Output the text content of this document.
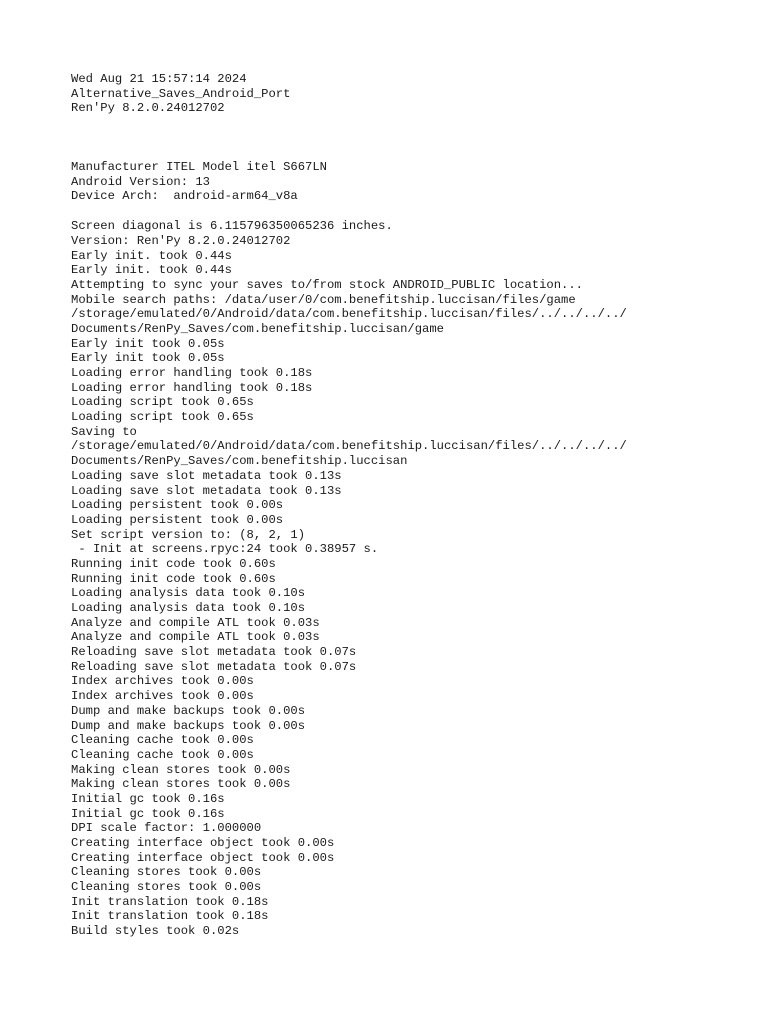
Wed Aug 21 15:57:14 2024
Alternative_Saves_Android_Port
Ren'Py 8.2.0.24012702
Manufacturer ITEL Model itel S667LN
Android Version: 13
Device Arch:  android-arm64_v8a
Screen diagonal is 6.115796350065236 inches.
Version: Ren'Py 8.2.0.24012702
Early init. took 0.44s
Early init. took 0.44s
Attempting to sync your saves to/from stock ANDROID_PUBLIC location...
Mobile search paths: /data/user/0/com.benefitship.luccisan/files/game
/storage/emulated/0/Android/data/com.benefitship.luccisan/files/../../../../
Documents/RenPy_Saves/com.benefitship.luccisan/game
Early init took 0.05s
Early init took 0.05s
Loading error handling took 0.18s
Loading error handling took 0.18s
Loading script took 0.65s
Loading script took 0.65s
Saving to
/storage/emulated/0/Android/data/com.benefitship.luccisan/files/../../../../
Documents/RenPy_Saves/com.benefitship.luccisan
Loading save slot metadata took 0.13s
Loading save slot metadata took 0.13s
Loading persistent took 0.00s
Loading persistent took 0.00s
Set script version to: (8, 2, 1)
- Init at screens.rpyc:24 took 0.38957 s.
Running init code took 0.60s
Running init code took 0.60s
Loading analysis data took 0.10s
Loading analysis data took 0.10s
Analyze and compile ATL took 0.03s
Analyze and compile ATL took 0.03s
Reloading save slot metadata took 0.07s
Reloading save slot metadata took 0.07s
Index archives took 0.00s
Index archives took 0.00s
Dump and make backups took 0.00s
Dump and make backups took 0.00s
Cleaning cache took 0.00s
Cleaning cache took 0.00s
Making clean stores took 0.00s
Making clean stores took 0.00s
Initial gc took 0.16s
Initial gc took 0.16s
DPI scale factor: 1.000000
Creating interface object took 0.00s
Creating interface object took 0.00s
Cleaning stores took 0.00s
Cleaning stores took 0.00s
Init translation took 0.18s
Init translation took 0.18s
Build styles took 0.02s
